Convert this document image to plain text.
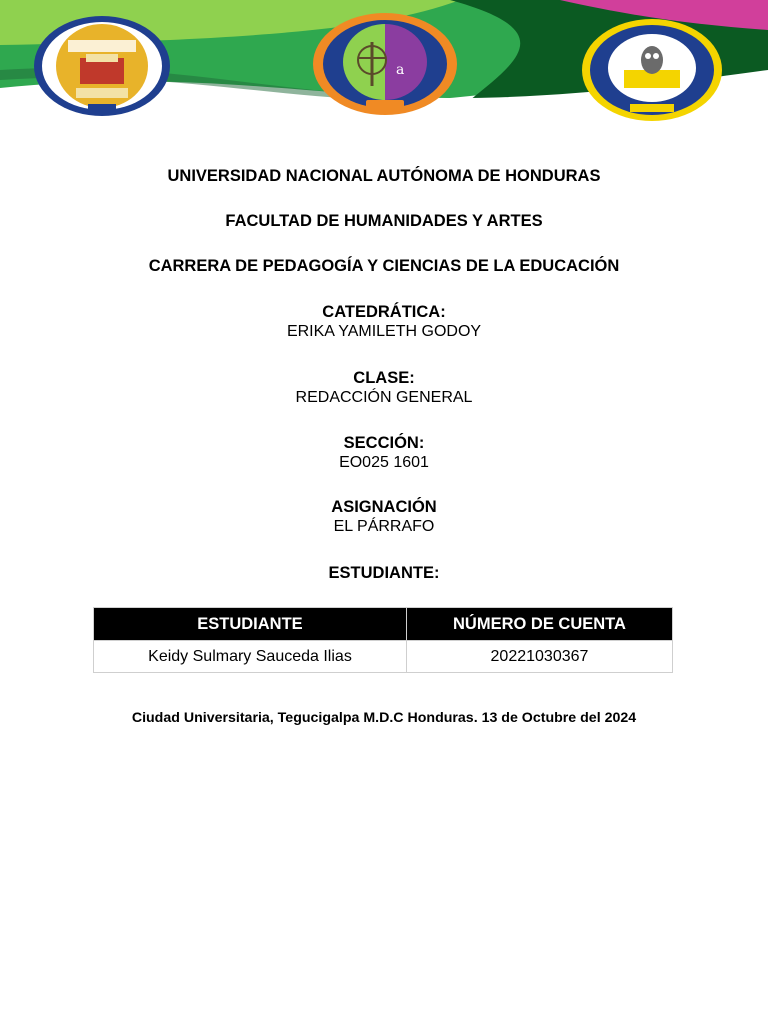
a

UNIVERSIDAD NACIONAL AUTÓNOMA DE HONDURAS

FACULTAD DE HUMANIDADES Y ARTES

CARRERA DE PEDAGOGÍA Y CIENCIAS DE LA EDUCACIÓN

CATEDRÁTICA:

ERIKA YAMILETH GODOY

CLASE:

REDACCIÓN GENERAL

SECCIÓN:

EO025 1601

ASIGNACIÓN

EL PÁRRAFO

ESTUDIANTE:

ESTUDIANTE	NÚMERO DE CUENTA
Keidy Sulmary Sauceda Ilias	20221030367
Ciudad Universitaria, Tegucigalpa M.D.C Honduras. 13 de Octubre del 2024
